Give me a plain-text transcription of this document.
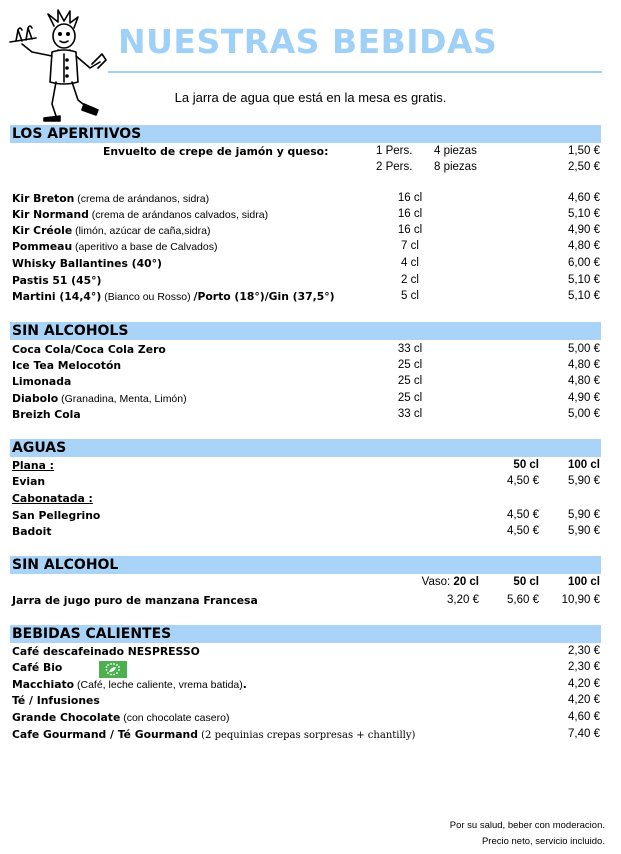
NUESTRAS BEBIDAS
La jarra de agua que está en la mesa es gratis.
LOS APERITIVOS
Envuelto de crepe de jamón y queso:	1 Pers. 4 piezas	1,50 €
2 Pers. 8 piezas	2,50 €
Kir Breton (crema de arándanos, sidra)	16 cl	4,60 €
Kir Normand (crema de arándanos calvados, sidra)	16 cl	5,10 €
Kir Créole (limón, azúcar de caña,sidra)	16 cl	4,90 €
Pommeau (aperitivo a base de Calvados)	7 cl	4,80 €
Whisky Ballantines (40°)	4 cl	6,00 €
Pastis 51 (45°)	2 cl	5,10 €
Martini (14,4°) (Bianco ou Rosso) /Porto (18°)/Gin (37,5°)	5 cl	5,10 €
SIN ALCOHOLS
Coca Cola/Coca Cola Zero	33 cl	5,00 €
Ice Tea Melocotón	25 cl	4,80 €
Limonada	25 cl	4,80 €
Diabolo (Granadina, Menta, Limón)	25 cl	4,90 €
Breizh Cola	33 cl	5,00 €
AGUAS
Plana :	50 cl	100 cl
Evian	4,50 €	5,90 €
Cabonatada :
San Pellegrino	4,50 €	5,90 €
Badoit	4,50 €	5,90 €
SIN ALCOHOL
Vaso: 20 cl	50 cl	100 cl
Jarra de jugo puro de manzana Francesa	3,20 € 5,60 € 10,90 €
BEBIDAS CALIENTES
Café descafeinado NESPRESSO	2,30 €
Café Bio	2,30 €
Macchiato (Café, leche caliente, vrema batida).	4,20 €
Té / Infusiones	4,20 €
Grande Chocolate (con chocolate casero)	4,60 €
Cafe Gourmand / Té Gourmand (2 pequinias crepas sorpresas + chantilly)	7,40 €
Por su salud, beber con moderacion.
Precio neto, servicio incluido.
